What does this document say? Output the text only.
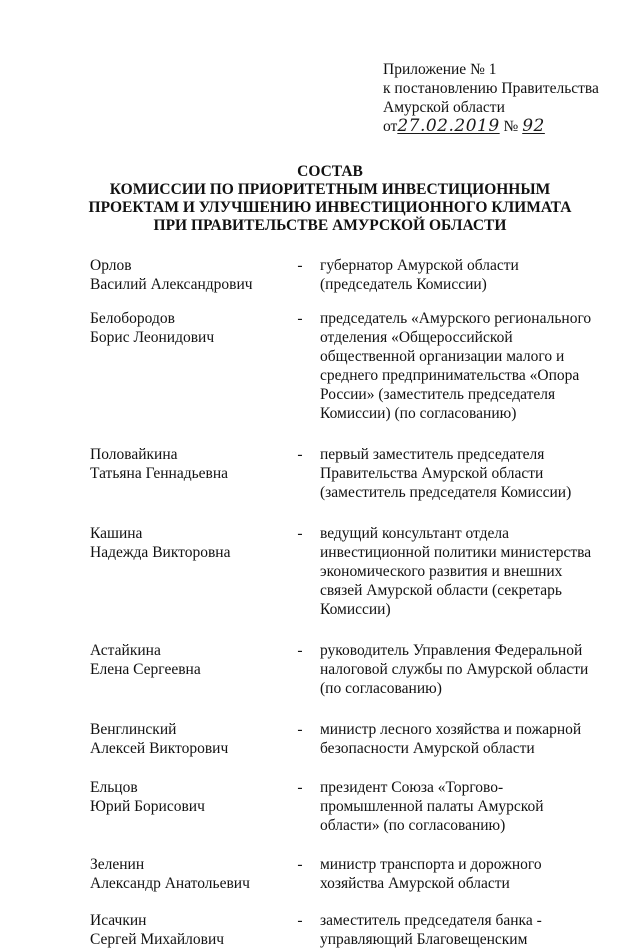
Приложение № 1
к постановлению Правительства
Амурской области
от27.02.2019 № 92
СОСТАВ
КОМИССИИ ПО ПРИОРИТЕТНЫМ ИНВЕСТИЦИОННЫМ
ПРОЕКТАМ И УЛУЧШЕНИЮ ИНВЕСТИЦИОННОГО КЛИМАТА
ПРИ ПРАВИТЕЛЬСТВЕ АМУРСКОЙ ОБЛАСТИ
Орлов
Василий Александрович
-	губернатор Амурской области
(председатель Комиссии)
Белобородов
Борис Леонидович
-	председатель «Амурского регионального
отделения «Общероссийской
общественной организации малого и
среднего предпринимательства «Опора
России» (заместитель председателя
Комиссии) (по согласованию)
Половайкина
Татьяна Геннадьевна
-	первый заместитель председателя
Правительства Амурской области
(заместитель председателя Комиссии)
Кашина
Надежда Викторовна
-	ведущий консультант отдела
инвестиционной политики министерства
экономического развития и внешних
связей Амурской области (секретарь
Комиссии)
Астайкина
Елена Сергеевна
-	руководитель Управления Федеральной
налоговой службы по Амурской области
(по согласованию)
Венглинский
Алексей Викторович
-	министр лесного хозяйства и пожарной
безопасности Амурской области
Ельцов
Юрий Борисович
-	президент Союза «Торгово-
промышленной палаты Амурской
области» (по согласованию)
Зеленин
Александр Анатольевич
-	министр транспорта и дорожного
хозяйства Амурской области
Исачкин
Сергей Михайлович
-	заместитель председателя банка -
управляющий Благовещенским
